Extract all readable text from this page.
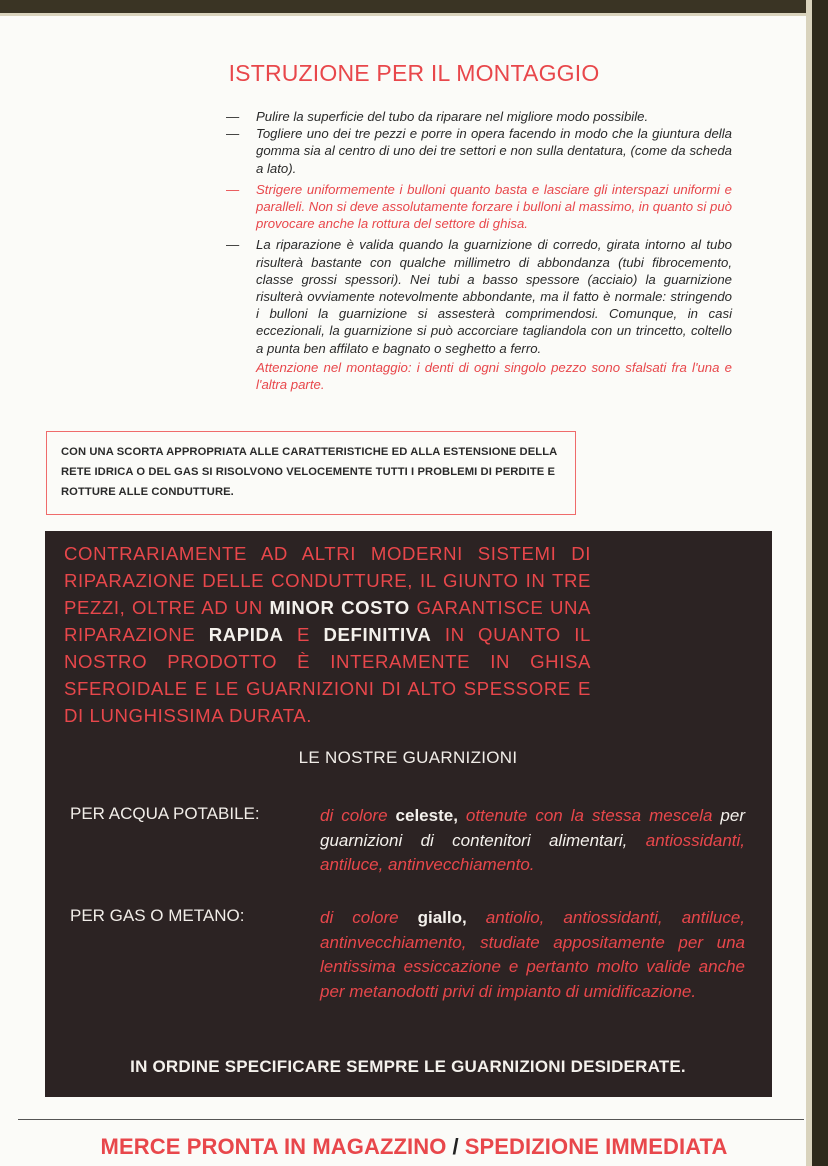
ISTRUZIONE PER IL MONTAGGIO
—	Pulire la superficie del tubo da riparare nel migliore modo possibile.
—	Togliere uno dei tre pezzi e porre in opera facendo in modo che la giuntura della gomma sia al centro di uno dei tre settori e non sulla dentatura, (come da scheda a lato).
—	Strigere uniformemente i bulloni quanto basta e lasciare gli interspazi uniformi e paralleli. Non si deve assolutamente forzare i bulloni al massimo, in quanto si può provocare anche la rottura del settore di ghisa.
—	La riparazione è valida quando la guarnizione di corredo, girata intorno al tubo risulterà bastante con qualche millimetro di abbondanza (tubi fibrocemento, classe grossi spessori). Nei tubi a basso spessore (acciaio) la guarnizione risulterà ovviamente notevolmente abbondante, ma il fatto è normale: stringendo i bulloni la guarnizione si assesterà comprimendosi. Comunque, in casi eccezionali, la guarnizione si può accorciare tagliandola con un trincetto, coltello a punta ben affilato e bagnato o seghetto a ferro.
Attenzione nel montaggio: i denti di ogni singolo pezzo sono sfalsati fra l'una e l'altra parte.
CON UNA SCORTA APPROPRIATA ALLE CARATTERISTICHE ED ALLA ESTENSIONE DELLA RETE IDRICA O DEL GAS SI RISOLVONO VELOCEMENTE TUTTI I PROBLEMI DI PERDITE E ROTTURE ALLE CONDUTTURE.
CONTRARIAMENTE AD ALTRI MODERNI SISTEMI DI RIPARAZIONE DELLE CONDUTTURE, IL GIUNTO IN TRE PEZZI, OLTRE AD UN MINOR COSTO GARANTISCE UNA RIPARAZIONE RAPIDA E DEFINITIVA IN QUANTO IL NOSTRO PRODOTTO È INTERAMENTE IN GHISA SFEROIDALE E LE GUARNIZIONI DI ALTO SPESSORE E DI LUNGHISSIMA DURATA.
LE NOSTRE GUARNIZIONI
PER ACQUA POTABILE:	di colore celeste, ottenute con la stessa mescela per guarnizioni di contenitori alimentari, antiossidanti, antiluce, antinvecchiamento.
PER GAS O METANO:	di colore giallo, antiolio, antiossidanti, antiluce, antinvecchiamento, studiate appositamente per una lentissima essiccazione e pertanto molto valide anche per metanodotti privi di impianto di umidificazione.
IN ORDINE SPECIFICARE SEMPRE LE GUARNIZIONI DESIDERATE.
MERCE PRONTA IN MAGAZZINO / SPEDIZIONE IMMEDIATA
